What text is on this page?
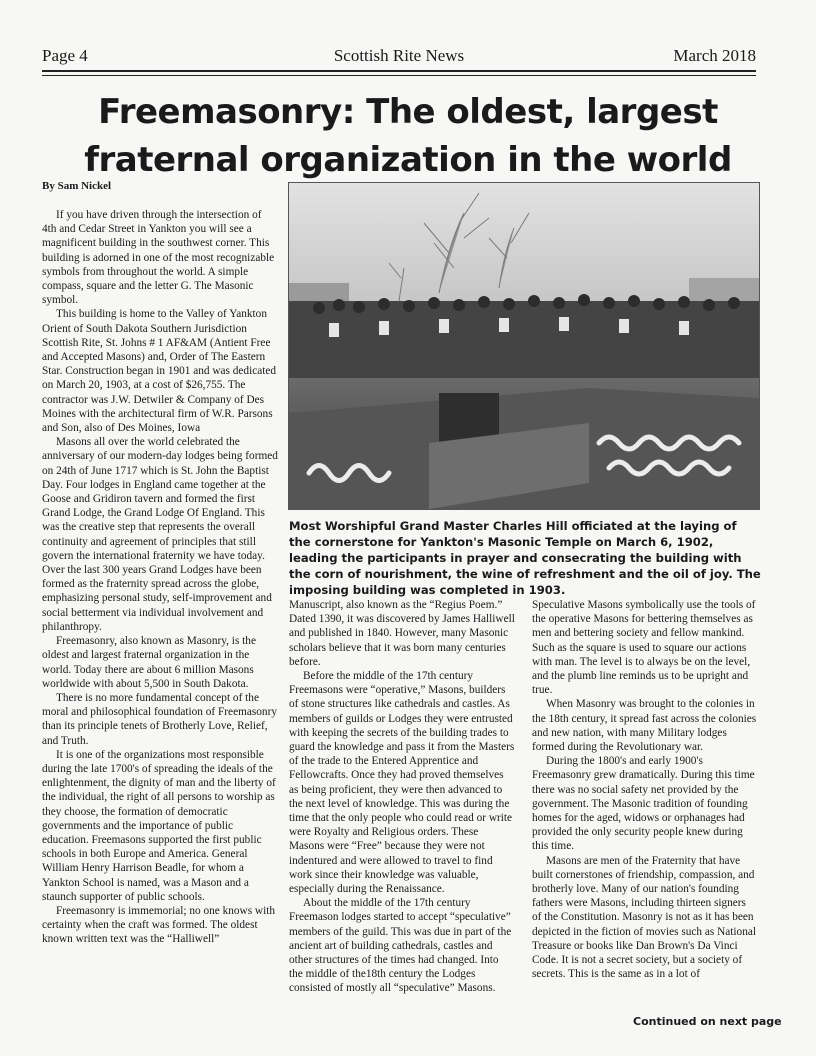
Page 4	Scottish Rite News	March 2018
Freemasonry: The oldest, largest fraternal organization in the world
By Sam Nickel

If you have driven through the intersection of 4th and Cedar Street in Yankton you will see a magnificent building in the southwest corner. This building is adorned in one of the most recognizable symbols from throughout the world. A simple compass, square and the letter G. The Masonic symbol.

This building is home to the Valley of Yankton Orient of South Dakota Southern Jurisdiction Scottish Rite, St. Johns # 1 AF&AM (Antient Free and Accepted Masons) and, Order of The Eastern Star. Construction began in 1901 and was dedicated on March 20, 1903, at a cost of $26,755. The contractor was J.W. Detwiler & Company of Des Moines with the architectural firm of W.R. Parsons and Son, also of Des Moines, Iowa

Masons all over the world celebrated the anniversary of our modern-day lodges being formed on 24th of June 1717 which is St. John the Baptist Day. Four lodges in England came together at the Goose and Gridiron tavern and formed the first Grand Lodge, the Grand Lodge Of England. This was the creative step that represents the overall continuity and agreement of principles that still govern the international fraternity we have today. Over the last 300 years Grand Lodges have been formed as the fraternity spread across the globe, emphasizing personal study, self-improvement and social betterment via individual involvement and philanthropy.

Freemasonry, also known as Masonry, is the oldest and largest fraternal organization in the world. Today there are about 6 million Masons worldwide with about 5,500 in South Dakota.

There is no more fundamental concept of the moral and philosophical foundation of Freemasonry than its principle tenets of Brotherly Love, Relief, and Truth.

It is one of the organizations most responsible during the late 1700's of spreading the ideals of the enlightenment, the dignity of man and the liberty of the individual, the right of all persons to worship as they choose, the formation of democratic governments and the importance of public education. Freemasons supported the first public schools in both Europe and America. General William Henry Harrison Beadle, for whom a Yankton School is named, was a Mason and a staunch supporter of public schools.

Freemasonry is immemorial; no one knows with certainty when the craft was formed. The oldest known written text was the “Halliwell”

Most Worshipful Grand Master Charles Hill officiated at the laying of the cornerstone for Yankton's Masonic Temple on March 6, 1902, leading the participants in prayer and consecrating the building with the corn of nourishment, the wine of refreshment and the oil of joy. The imposing building was completed in 1903.

Manuscript, also known as the “Regius Poem.” Dated 1390, it was discovered by James Halliwell and published in 1840. However, many Masonic scholars believe that it was born many centuries before.

Before the middle of the 17th century Freemasons were “operative,” Masons, builders of stone structures like cathedrals and castles. As members of guilds or Lodges they were entrusted with keeping the secrets of the building trades to guard the knowledge and pass it from the Masters of the trade to the Entered Apprentice and Fellowcrafts. Once they had proved themselves as being proficient, they were then advanced to the next level of knowledge. This was during the time that the only people who could read or write were Royalty and Religious orders. These Masons were “Free” because they were not indentured and were allowed to travel to find work since their knowledge was valuable, especially during the Renaissance.

About the middle of the 17th century Freemason lodges started to accept “speculative” members of the guild. This was due in part of the ancient art of building cathedrals, castles and other structures of the times had changed. Into the middle of the18th century the Lodges consisted of mostly all “speculative” Masons.

Speculative Masons symbolically use the tools of the operative Masons for bettering themselves as men and bettering society and fellow mankind. Such as the square is used to square our actions with man. The level is to always be on the level, and the plumb line reminds us to be upright and true.

When Masonry was brought to the colonies in the 18th century, it spread fast across the colonies and new nation, with many Military lodges formed during the Revolutionary war.

During the 1800's and early 1900's Freemasonry grew dramatically. During this time there was no social safety net provided by the government. The Masonic tradition of founding homes for the aged, widows or orphanages had provided the only security people knew during this time.

Masons are men of the Fraternity that have built cornerstones of friendship, compassion, and brotherly love. Many of our nation's founding fathers were Masons, including thirteen signers of the Constitution. Masonry is not as it has been depicted in the fiction of movies such as National Treasure or books like Dan Brown's Da Vinci Code. It is not a secret society, but a society of secrets. This is the same as in a lot of

Continued on next page
